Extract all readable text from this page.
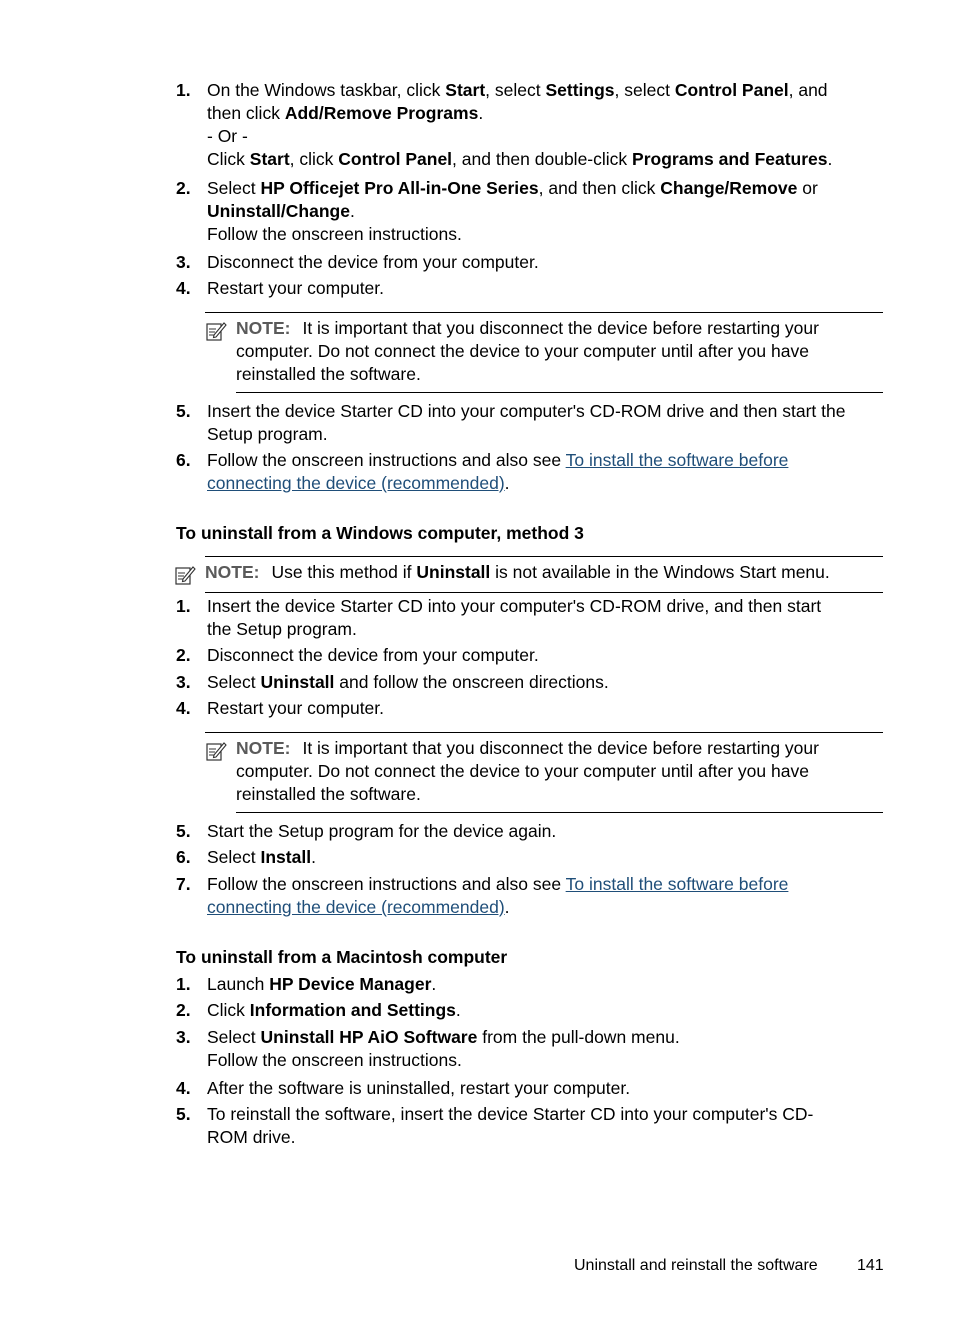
1. On the Windows taskbar, click Start, select Settings, select Control Panel, and
then click Add/Remove Programs.
- Or -
Click Start, click Control Panel, and then double-click Programs and Features.
2. Select HP Officejet Pro All-in-One Series, and then click Change/Remove or
Uninstall/Change.
Follow the onscreen instructions.
3. Disconnect the device from your computer.
4. Restart your computer.
NOTE: It is important that you disconnect the device before restarting your
computer. Do not connect the device to your computer until after you have
reinstalled the software.
5. Insert the device Starter CD into your computer's CD-ROM drive and then start the
Setup program.
6. Follow the onscreen instructions and also see To install the software before
connecting the device (recommended).
To uninstall from a Windows computer, method 3
NOTE: Use this method if Uninstall is not available in the Windows Start menu.
1. Insert the device Starter CD into your computer's CD-ROM drive, and then start
the Setup program.
2. Disconnect the device from your computer.
3. Select Uninstall and follow the onscreen directions.
4. Restart your computer.
NOTE: It is important that you disconnect the device before restarting your
computer. Do not connect the device to your computer until after you have
reinstalled the software.
5. Start the Setup program for the device again.
6. Select Install.
7. Follow the onscreen instructions and also see To install the software before
connecting the device (recommended).
To uninstall from a Macintosh computer
1. Launch HP Device Manager.
2. Click Information and Settings.
3. Select Uninstall HP AiO Software from the pull-down menu.
Follow the onscreen instructions.
4. After the software is uninstalled, restart your computer.
5. To reinstall the software, insert the device Starter CD into your computer's CD-
ROM drive.
Uninstall and reinstall the software 141
